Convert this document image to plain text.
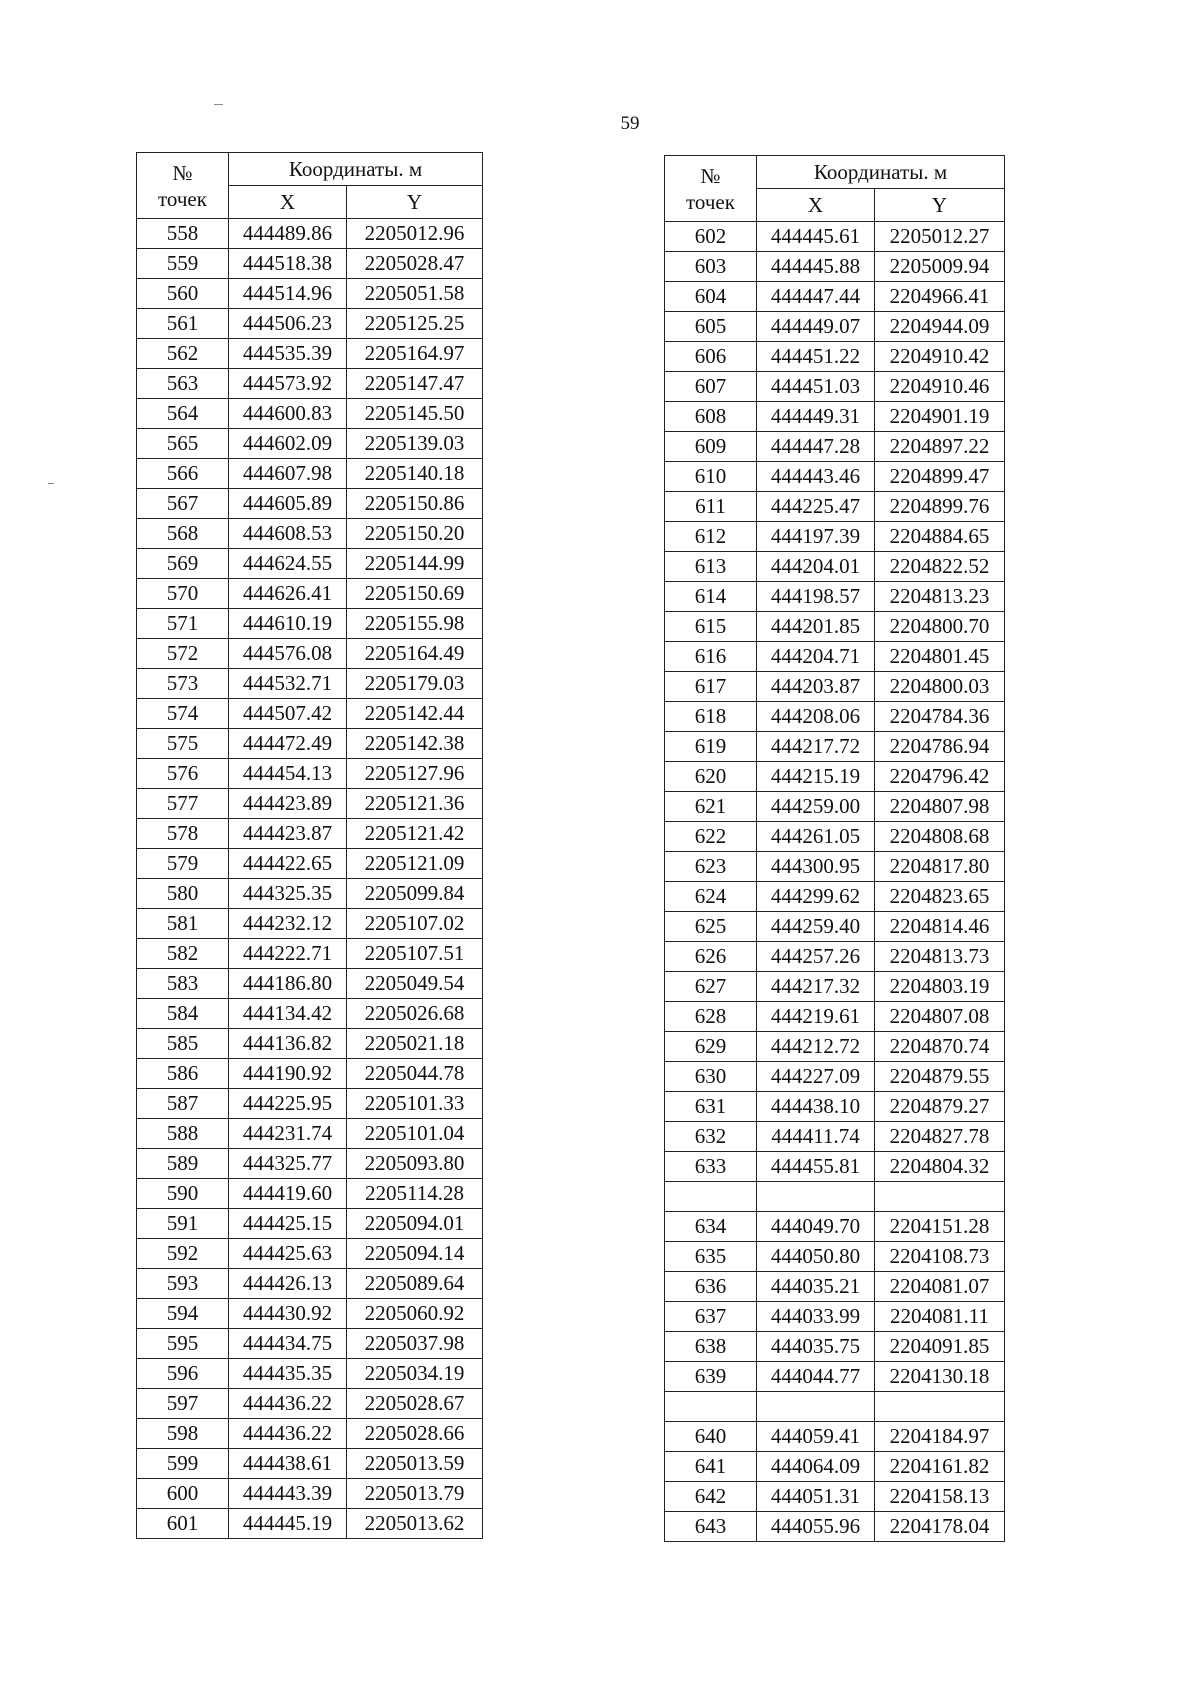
59
№
точек	Координаты. м	
	X	Y
558	444489.86	2205012.96
559	444518.38	2205028.47
560	444514.96	2205051.58
561	444506.23	2205125.25
562	444535.39	2205164.97
563	444573.92	2205147.47
564	444600.83	2205145.50
565	444602.09	2205139.03
566	444607.98	2205140.18
567	444605.89	2205150.86
568	444608.53	2205150.20
569	444624.55	2205144.99
570	444626.41	2205150.69
571	444610.19	2205155.98
572	444576.08	2205164.49
573	444532.71	2205179.03
574	444507.42	2205142.44
575	444472.49	2205142.38
576	444454.13	2205127.96
577	444423.89	2205121.36
578	444423.87	2205121.42
579	444422.65	2205121.09
580	444325.35	2205099.84
581	444232.12	2205107.02
582	444222.71	2205107.51
583	444186.80	2205049.54
584	444134.42	2205026.68
585	444136.82	2205021.18
586	444190.92	2205044.78
587	444225.95	2205101.33
588	444231.74	2205101.04
589	444325.77	2205093.80
590	444419.60	2205114.28
591	444425.15	2205094.01
592	444425.63	2205094.14
593	444426.13	2205089.64
594	444430.92	2205060.92
595	444434.75	2205037.98
596	444435.35	2205034.19
597	444436.22	2205028.67
598	444436.22	2205028.66
599	444438.61	2205013.59
600	444443.39	2205013.79
601	444445.19	2205013.62
№
точек	Координаты. м	
	X	Y
602	444445.61	2205012.27
603	444445.88	2205009.94
604	444447.44	2204966.41
605	444449.07	2204944.09
606	444451.22	2204910.42
607	444451.03	2204910.46
608	444449.31	2204901.19
609	444447.28	2204897.22
610	444443.46	2204899.47
611	444225.47	2204899.76
612	444197.39	2204884.65
613	444204.01	2204822.52
614	444198.57	2204813.23
615	444201.85	2204800.70
616	444204.71	2204801.45
617	444203.87	2204800.03
618	444208.06	2204784.36
619	444217.72	2204786.94
620	444215.19	2204796.42
621	444259.00	2204807.98
622	444261.05	2204808.68
623	444300.95	2204817.80
624	444299.62	2204823.65
625	444259.40	2204814.46
626	444257.26	2204813.73
627	444217.32	2204803.19
628	444219.61	2204807.08
629	444212.72	2204870.74
630	444227.09	2204879.55
631	444438.10	2204879.27
632	444411.74	2204827.78
633	444455.81	2204804.32

634	444049.70	2204151.28
635	444050.80	2204108.73
636	444035.21	2204081.07
637	444033.99	2204081.11
638	444035.75	2204091.85
639	444044.77	2204130.18

640	444059.41	2204184.97
641	444064.09	2204161.82
642	444051.31	2204158.13
643	444055.96	2204178.04
